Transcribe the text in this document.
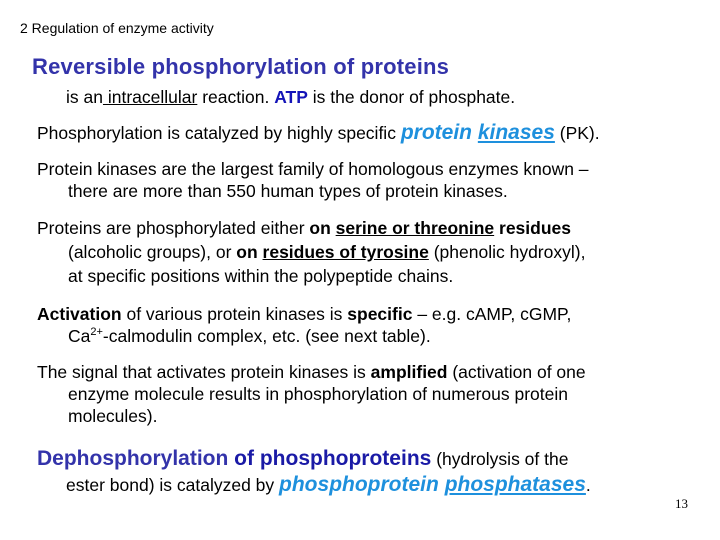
2 Regulation of enzyme activity
Reversible phosphorylation of proteins
is an intracellular reaction. ATP is the donor of phosphate.
Phosphorylation is catalyzed by highly specific protein kinases (PK).
Protein kinases are the largest family of homologous enzymes known –
there are more than 550 human types of protein kinases.
Proteins are phosphorylated either on serine or threonine residues
(alcoholic groups), or on residues of tyrosine (phenolic hydroxyl),
at specific positions within the polypeptide chains.
Activation of various protein kinases is specific – e.g. cAMP, cGMP,
$Ca^{2+}$-calmodulin complex, etc. (see next table).
The signal that activates protein kinases is amplified (activation of one
enzyme molecule results in phosphorylation of numerous protein
molecules).
Dephosphorylation of phosphoproteins (hydrolysis of the
ester bond) is catalyzed by phosphoprotein phosphatases.
13
